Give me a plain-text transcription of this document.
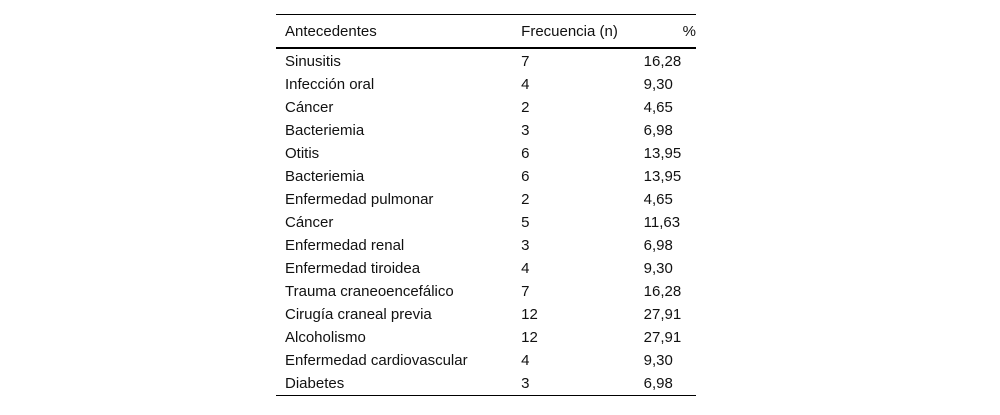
Antecedentes	Frecuencia (n)	%
Sinusitis	7	16,28
Infección oral	4	9,30
Cáncer	2	4,65
Bacteriemia	3	6,98
Otitis	6	13,95
Bacteriemia	6	13,95
Enfermedad pulmonar	2	4,65
Cáncer	5	11,63
Enfermedad renal	3	6,98
Enfermedad tiroidea	4	9,30
Trauma craneoencefálico	7	16,28
Cirugía craneal previa	12	27,91
Alcoholismo	12	27,91
Enfermedad cardiovascular	4	9,30
Diabetes	3	6,98
